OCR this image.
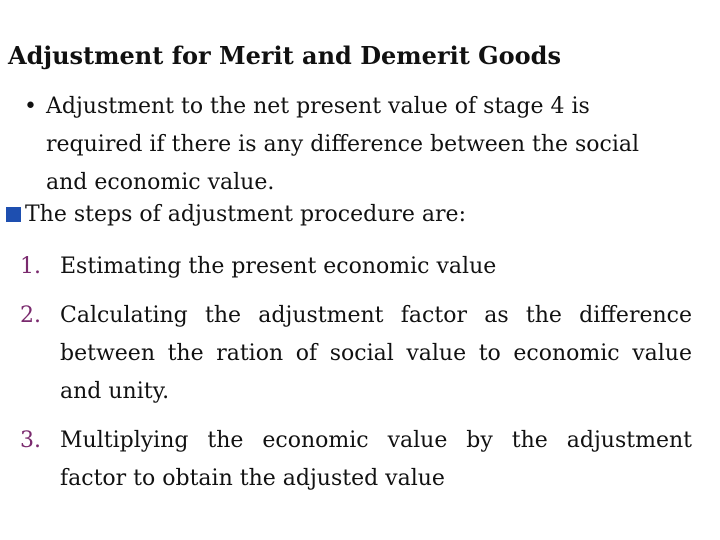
Adjustment for Merit and Demerit Goods
• Adjustment to the net present value of stage 4 is required if there is any difference between the social and economic value.
The steps of adjustment procedure are:
1. Estimating the present economic value
2. Calculating the adjustment factor as the difference between the ration of social value to economic value and unity.
3. Multiplying the economic value by the adjustment factor to obtain the adjusted value
